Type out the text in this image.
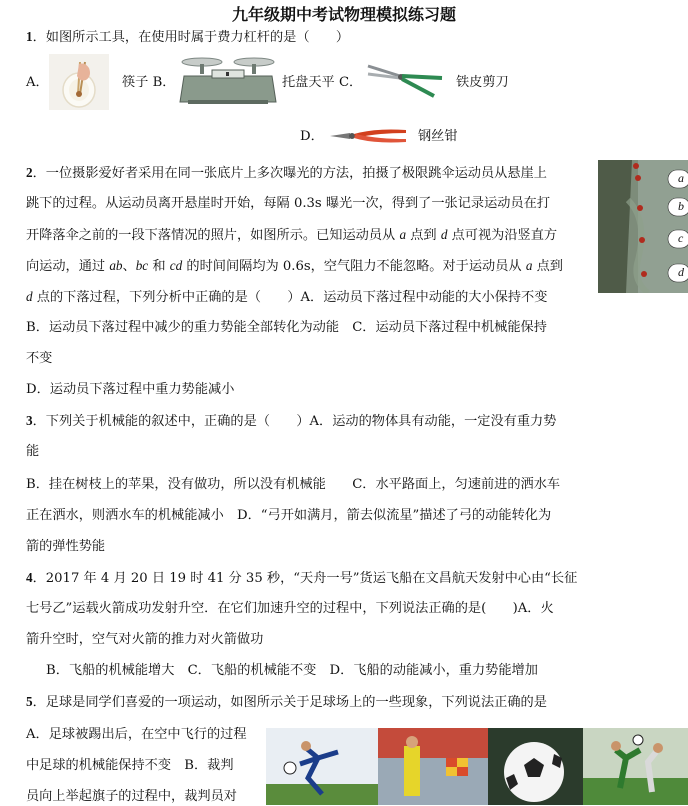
九年级期中考试物理模拟练习题
1．如图所示工具，在使用时属于费力杠杆的是（　　）
A．	筷子 B．	托盘天平 C．	铁皮剪刀
D．	钢丝钳
2．一位摄影爱好者采用在同一张底片上多次曝光的方法，拍摄了极限跳伞运动员从悬崖上
跳下的过程。从运动员离开悬崖时开始，每隔 0.3s 曝光一次，得到了一张记录运动员在打
开降落伞之前的一段下落情况的照片，如图所示。已知运动员从 a 点到 d 点可视为沿竖直方
向运动，通过 ab、bc 和 cd 的时间间隔均为 0.6s，空气阻力不能忽略。对于运动员从 a 点到
d 点的下落过程，下列分析中正确的是（　　）A．运动员下落过程中动能的大小保持不变
B．运动员下落过程中减少的重力势能全部转化为动能　C．运动员下落过程中机械能保持
不变
D．运动员下落过程中重力势能减小
a
b
c
d
3．下列关于机械能的叙述中，正确的是（　　）A．运动的物体具有动能，一定没有重力势
能
B．挂在树枝上的苹果，没有做功，所以没有机械能　　C．水平路面上，匀速前进的洒水车
正在洒水，则洒水车的机械能减小　D．“弓开如满月，箭去似流星”描述了弓的动能转化为
箭的弹性势能
4．2017 年 4 月 20 日 19 时 41 分 35 秒，“天舟一号”货运飞船在文昌航天发射中心由“长征
七号乙”运载火箭成功发射升空．在它们加速升空的过程中，下列说法正确的是(　　)A．火
箭升空时，空气对火箭的推力对火箭做功
B．飞船的机械能增大　C．飞船的机械能不变　D．飞船的动能减小，重力势能增加
5．足球是同学们喜爱的一项运动，如图所示关于足球场上的一些现象，下列说法正确的是
A．足球被踢出后，在空中飞行的过程
中足球的机械能保持不变　B．裁判
员向上举起旗子的过程中，裁判员对
